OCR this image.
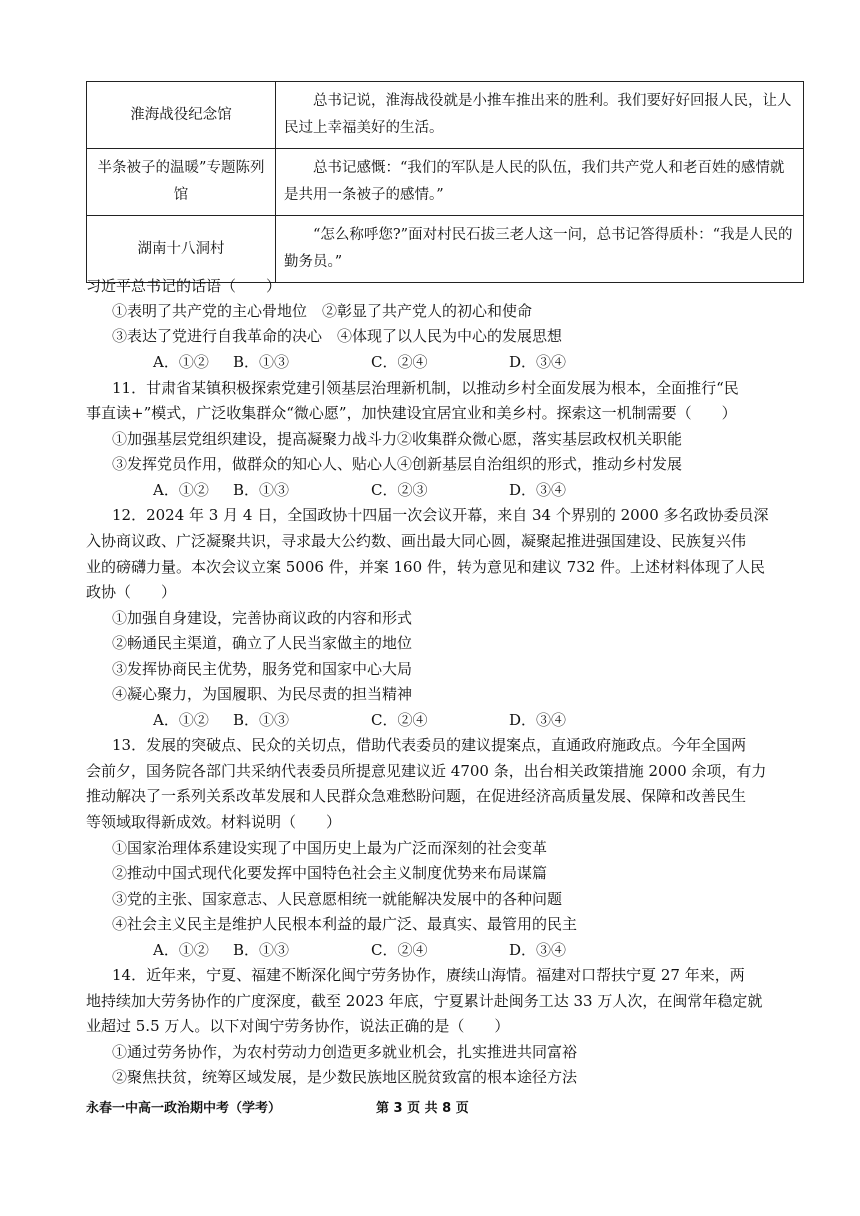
淮海战役纪念馆	总书记说，淮海战役就是小推车推出来的胜利。我们要好好回报人民，让人民过上幸福美好的生活。
半条被子的温暖”专题陈列馆	总书记感慨：“我们的军队是人民的队伍，我们共产党人和老百姓的感情就是共用一条被子的感情。”
湖南十八洞村	“怎么称呼您?”面对村民石拔三老人这一问，总书记答得质朴：“我是人民的勤务员。”
习近平总书记的话语（　　）
①表明了共产党的主心骨地位　②彰显了共产党人的初心和使命
③表达了党进行自我革命的决心　④体现了以人民为中心的发展思想
A．①② B．①③	C．②④	D．③④
11．甘肃省某镇积极探索党建引领基层治理新机制，以推动乡村全面发展为根本，全面推行“民
事直读+”模式，广泛收集群众“微心愿”，加快建设宜居宜业和美乡村。探索这一机制需要（　　）
①加强基层党组织建设，提高凝聚力战斗力②收集群众微心愿，落实基层政权机关职能
③发挥党员作用，做群众的知心人、贴心人④创新基层自治组织的形式，推动乡村发展
A．①② B．①③	C．②③	D．③④
12．2024 年 3 月 4 日，全国政协十四届一次会议开幕，来自 34 个界别的 2000 多名政协委员深
入协商议政、广泛凝聚共识，寻求最大公约数、画出最大同心圆，凝聚起推进强国建设、民族复兴伟
业的磅礴力量。本次会议立案 5006 件，并案 160 件，转为意见和建议 732 件。上述材料体现了人民
政协（　　）
①加强自身建设，完善协商议政的内容和形式
②畅通民主渠道，确立了人民当家做主的地位
③发挥协商民主优势，服务党和国家中心大局
④凝心聚力，为国履职、为民尽责的担当精神
A．①② B．①③	C．②④	D．③④
13．发展的突破点、民众的关切点，借助代表委员的建议提案点，直通政府施政点。今年全国两
会前夕，国务院各部门共采纳代表委员所提意见建议近 4700 条，出台相关政策措施 2000 余项，有力
推动解决了一系列关系改革发展和人民群众急难愁盼问题，在促进经济高质量发展、保障和改善民生
等领域取得新成效。材料说明（　　）
①国家治理体系建设实现了中国历史上最为广泛而深刻的社会变革
②推动中国式现代化要发挥中国特色社会主义制度优势来布局谋篇
③党的主张、国家意志、人民意愿相统一就能解决发展中的各种问题
④社会主义民主是维护人民根本利益的最广泛、最真实、最管用的民主
A．①② B．①③	C．②④	D．③④
14．近年来，宁夏、福建不断深化闽宁劳务协作，赓续山海情。福建对口帮扶宁夏 27 年来，两
地持续加大劳务协作的广度深度，截至 2023 年底，宁夏累计赴闽务工达 33 万人次，在闽常年稳定就
业超过 5.5 万人。以下对闽宁劳务协作，说法正确的是（　　）
①通过劳务协作，为农村劳动力创造更多就业机会，扎实推进共同富裕
②聚焦扶贫，统筹区域发展，是少数民族地区脱贫致富的根本途径方法
永春一中高一政治期中考（学考）	第 3 页 共 8 页
